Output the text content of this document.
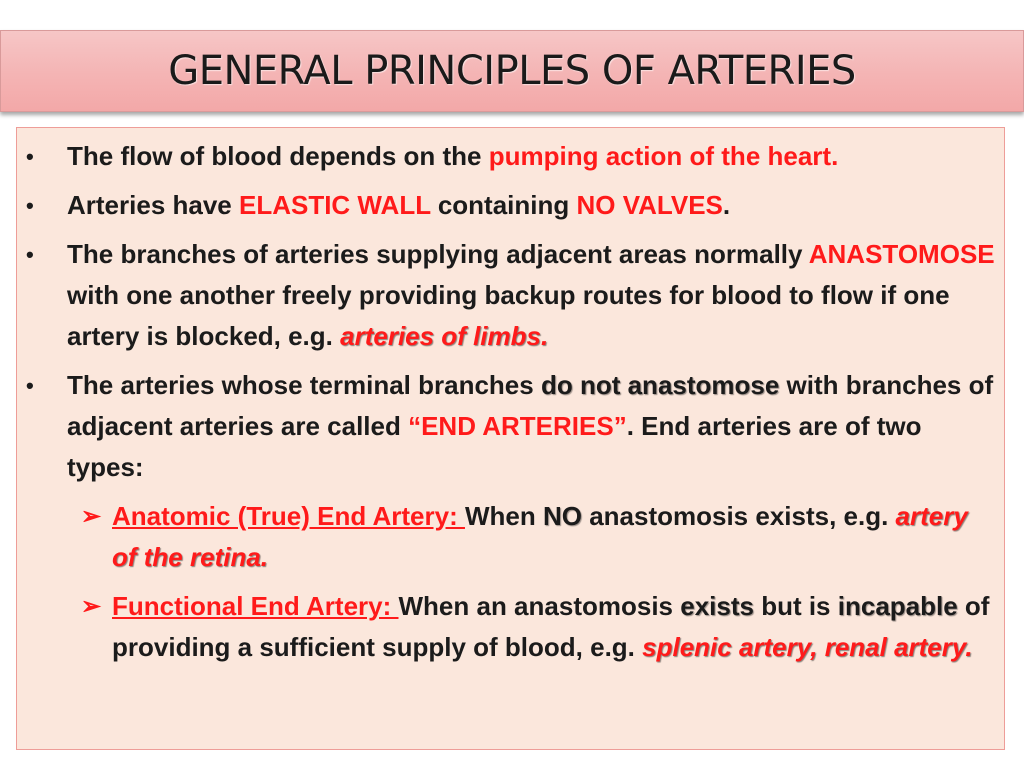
GENERAL PRINCIPLES OF ARTERIES
• The flow of blood depends on the pumping action of the heart.
• Arteries have ELASTIC WALL containing NO VALVES.
• The branches of arteries supplying adjacent areas normally ANASTOMOSE with one another freely providing backup routes for blood to flow if one artery is blocked, e.g. arteries of limbs.
• The arteries whose terminal branches do not anastomose with branches of adjacent arteries are called “END ARTERIES”. End arteries are of two types:
➢ Anatomic (True) End Artery: When NO anastomosis exists, e.g. artery of the retina.
➢ Functional End Artery: When an anastomosis exists but is incapable of providing a sufficient supply of blood, e.g. splenic artery, renal artery.
